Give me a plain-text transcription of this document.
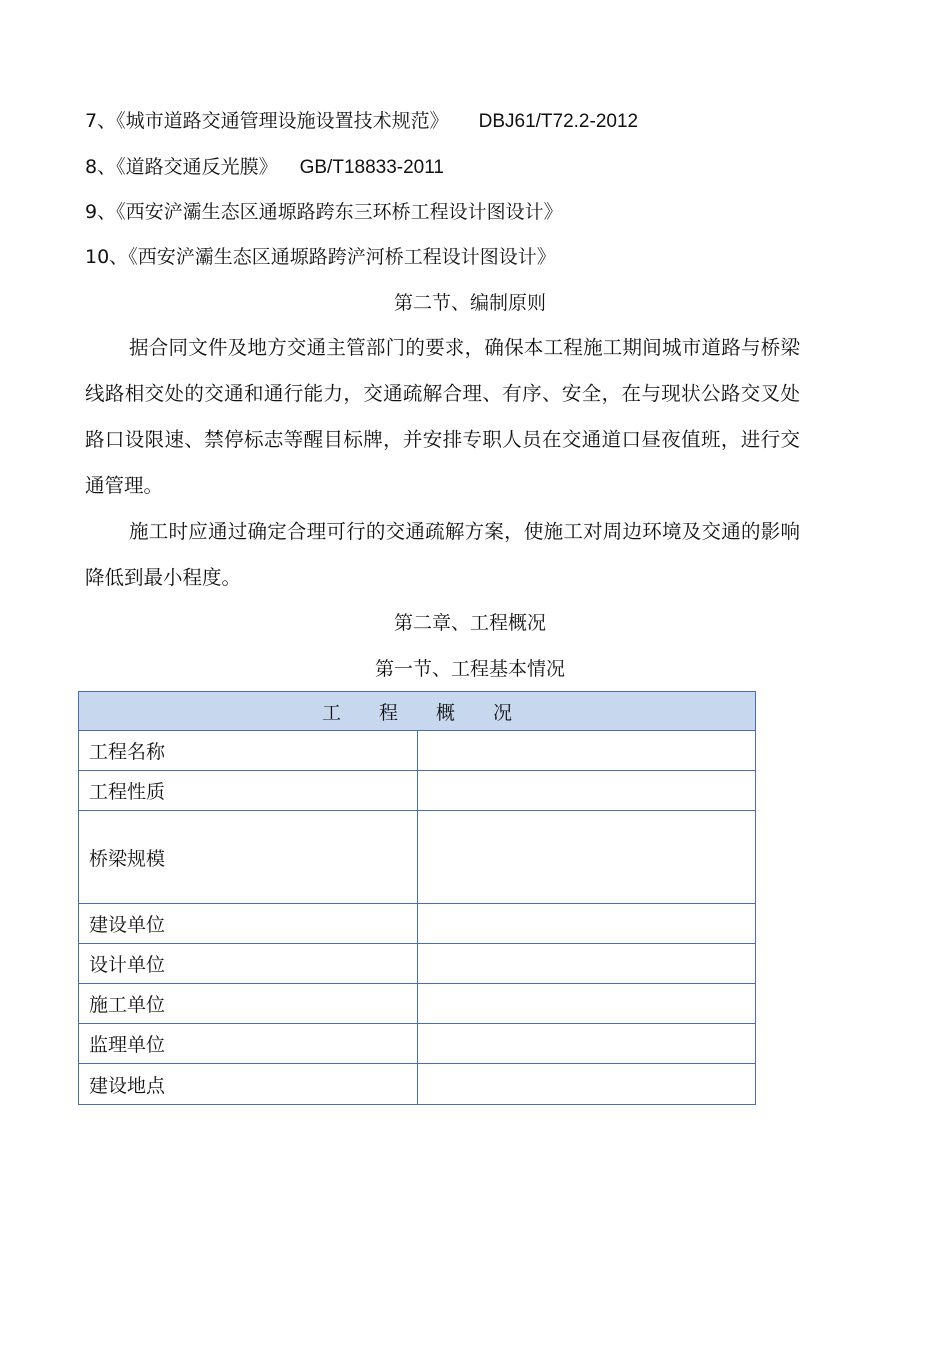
7、《城市道路交通管理设施设置技术规范》 DBJ61/T72.2-2012
8、《道路交通反光膜》 GB/T18833-2011
9、《西安浐灞生态区通塬路跨东三环桥工程设计图设计》
10、《西安浐灞生态区通塬路跨浐河桥工程设计图设计》
第二节、编制原则

据合同文件及地方交通主管部门的要求，确保本工程施工期间城市道路与桥梁线路相交处的交通和通行能力，交通疏解合理、有序、安全，在与现状公路交叉处路口设限速、禁停标志等醒目标牌，并安排专职人员在交通道口昼夜值班，进行交通管理。

施工时应通过确定合理可行的交通疏解方案，使施工对周边环境及交通的影响降低到最小程度。

第二章、工程概况
第一节、工程基本情况
工　　程　　概　　况	
工程名称	
工程性质	
桥梁规模	
建设单位	
设计单位	
施工单位	
监理单位	
建设地点	
